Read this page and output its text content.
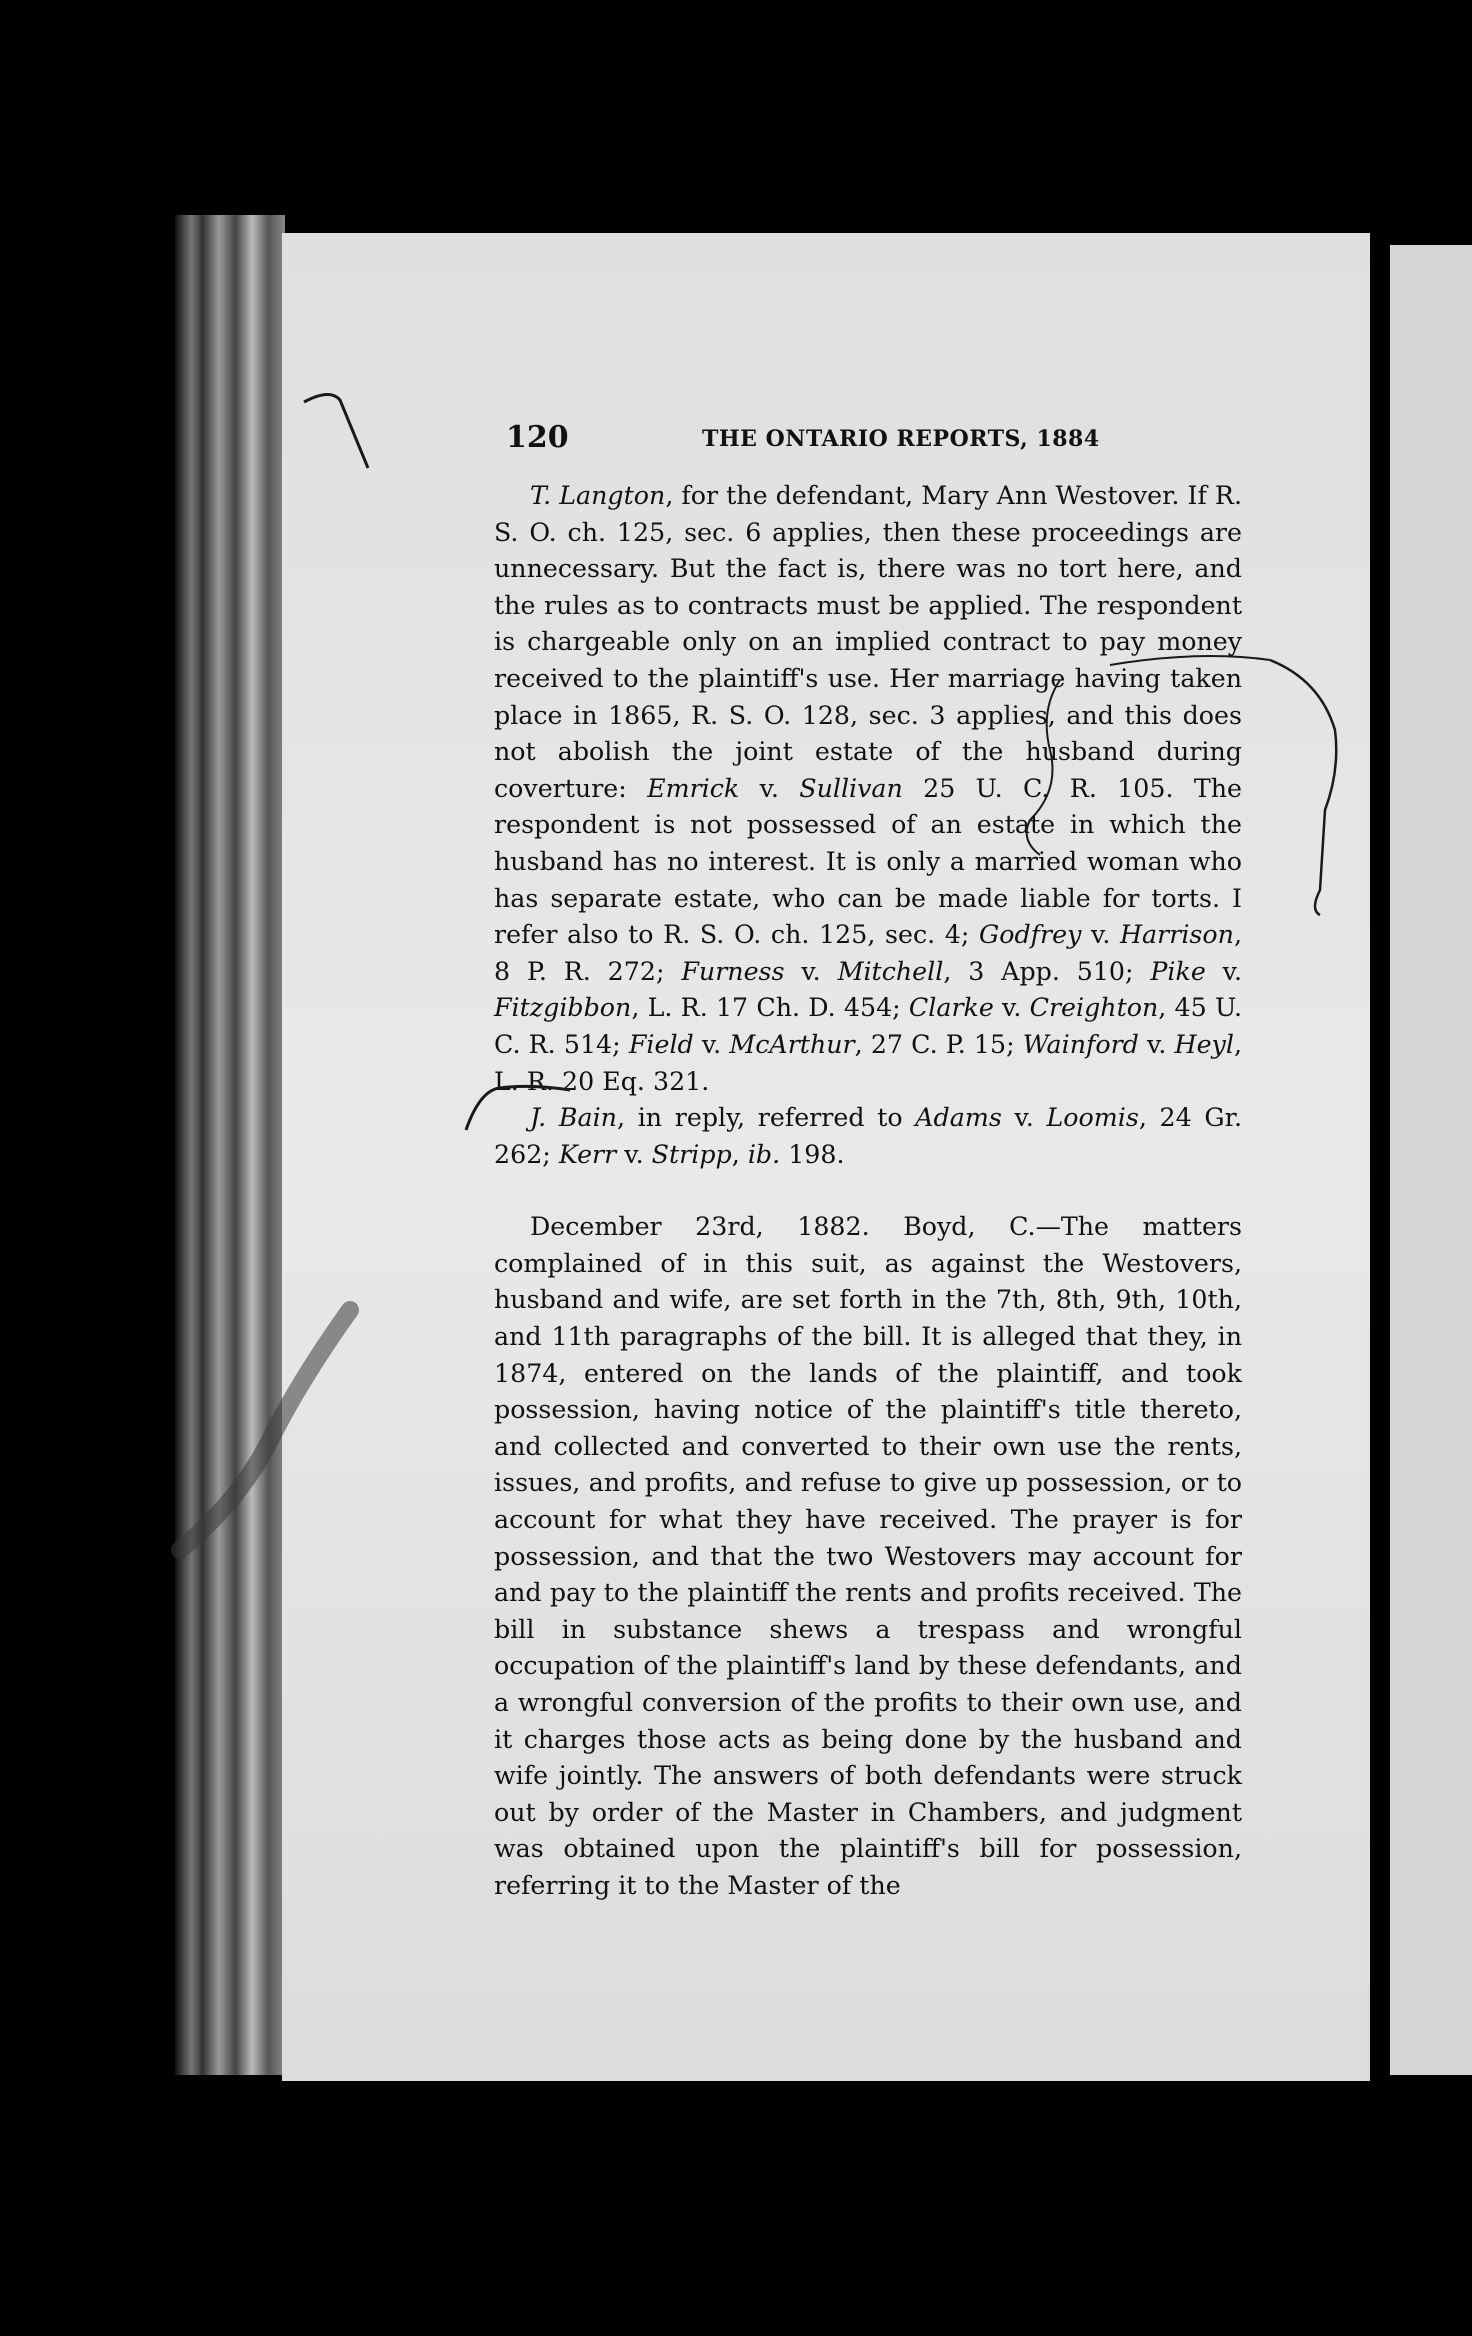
120	THE ONTARIO REPORTS, 1884

T. Langton, for the defendant, Mary Ann Westover. If R. S. O. ch. 125, sec. 6 applies, then these proceedings are unnecessary. But the fact is, there was no tort here, and the rules as to contracts must be applied. The respondent is chargeable only on an implied contract to pay money received to the plaintiff's use. Her marriage having taken place in 1865, R. S. O. 128, sec. 3 applies, and this does not abolish the joint estate of the husband during coverture: Emrick v. Sullivan 25 U. C. R. 105. The respondent is not possessed of an estate in which the husband has no interest. It is only a married woman who has separate estate, who can be made liable for torts. I refer also to R. S. O. ch. 125, sec. 4; Godfrey v. Harrison, 8 P. R. 272; Furness v. Mitchell, 3 App. 510; Pike v. Fitzgibbon, L. R. 17 Ch. D. 454; Clarke v. Creighton, 45 U. C. R. 514; Field v. McArthur, 27 C. P. 15; Wainford v. Heyl, L. R. 20 Eq. 321.

J. Bain, in reply, referred to Adams v. Loomis, 24 Gr. 262; Kerr v. Stripp, ib. 198.

December 23rd, 1882. Boyd, C.—The matters complained of in this suit, as against the Westovers, husband and wife, are set forth in the 7th, 8th, 9th, 10th, and 11th paragraphs of the bill. It is alleged that they, in 1874, entered on the lands of the plaintiff, and took possession, having notice of the plaintiff's title thereto, and collected and converted to their own use the rents, issues, and profits, and refuse to give up possession, or to account for what they have received. The prayer is for possession, and that the two Westovers may account for and pay to the plaintiff the rents and profits received. The bill in substance shews a trespass and wrongful occupation of the plaintiff's land by these defendants, and a wrongful conversion of the profits to their own use, and it charges those acts as being done by the husband and wife jointly. The answers of both defendants were struck out by order of the Master in Chambers, and judgment was obtained upon the plaintiff's bill for possession, referring it to the Master of the
